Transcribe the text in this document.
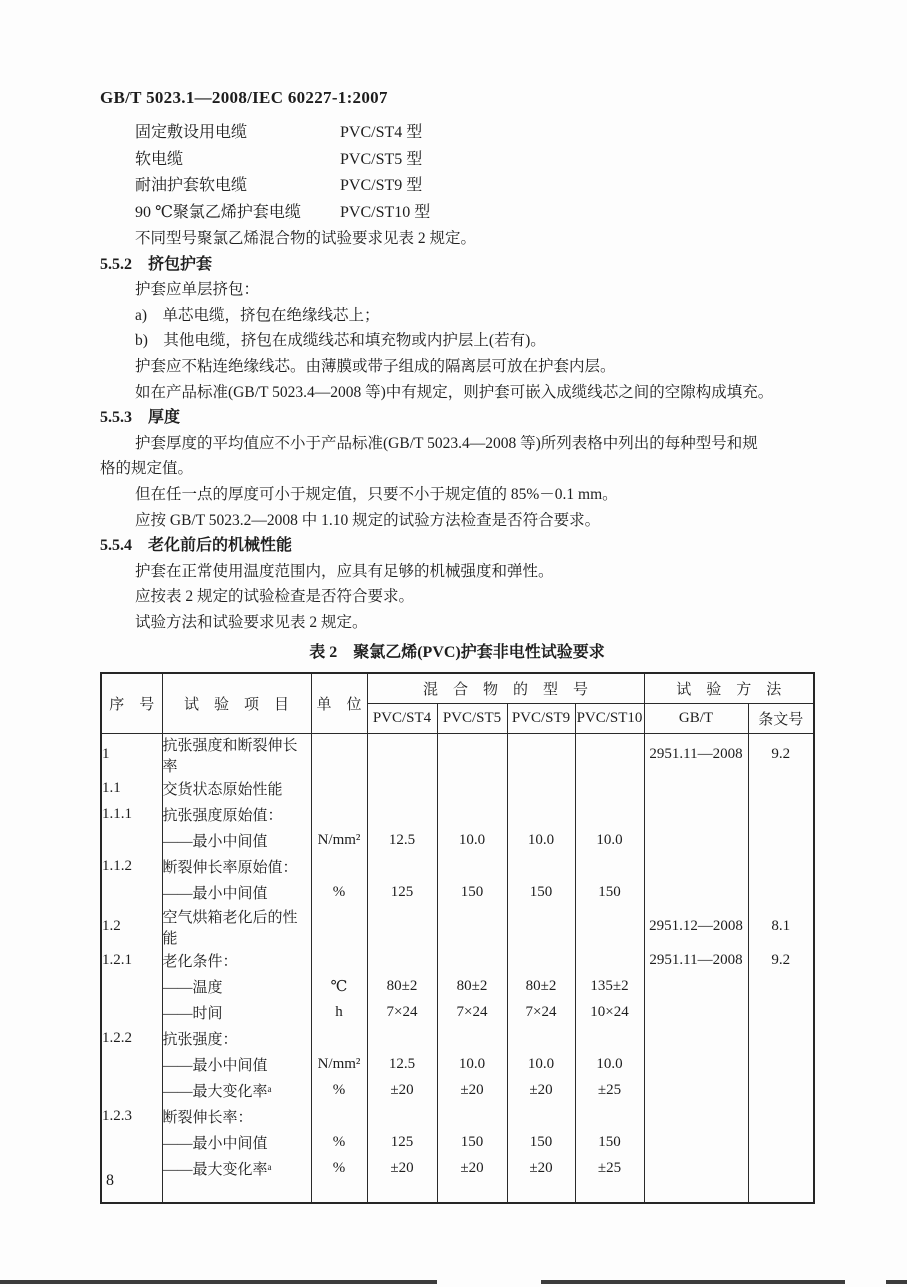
GB/T 5023.1—2008/IEC 60227-1:2007
固定敷设用电缆	PVC/ST4 型
软电缆	PVC/ST5 型
耐油护套软电缆	PVC/ST9 型
90 ℃聚氯乙烯护套电缆 PVC/ST10 型
不同型号聚氯乙烯混合物的试验要求见表 2 规定。
5.5.2 挤包护套
护套应单层挤包：
a)　单芯电缆，挤包在绝缘线芯上；
b)　其他电缆，挤包在成缆线芯和填充物或内护层上(若有)。
护套应不粘连绝缘线芯。由薄膜或带子组成的隔离层可放在护套内层。
如在产品标准(GB/T 5023.4—2008 等)中有规定，则护套可嵌入成缆线芯之间的空隙构成填充。
5.5.3 厚度
护套厚度的平均值应不小于产品标准(GB/T 5023.4—2008 等)所列表格中列出的每种型号和规
格的规定值。
但在任一点的厚度可小于规定值，只要不小于规定值的 85%－0.1 mm。
应按 GB/T 5023.2—2008 中 1.10 规定的试验方法检查是否符合要求。
5.5.4 老化前后的机械性能
护套在正常使用温度范围内，应具有足够的机械强度和弹性。
应按表 2 规定的试验检查是否符合要求。
试验方法和试验要求见表 2 规定。
表 2　聚氯乙烯(PVC)护套非电性试验要求
序　号	试　验　项　目	单　位	混　合　物　的　型　号				试　验　方　法	
			PVC/ST4	PVC/ST5	PVC/ST9	PVC/ST10	GB/T	条文号
1	抗张强度和断裂伸长率						2951.11—2008	9.2
1.1	交货状态原始性能							
1.1.1	抗张强度原始值：							
	——最小中间值	N/mm²	12.5	10.0	10.0	10.0		
1.1.2	断裂伸长率原始值：							
	——最小中间值	%	125	150	150	150		
1.2	空气烘箱老化后的性能						2951.12—2008	8.1
1.2.1	老化条件：						2951.11—2008	9.2
	——温度	℃	80±2	80±2	80±2	135±2		
	——时间	h	7×24	7×24	7×24	10×24		
1.2.2	抗张强度：							
	——最小中间值	N/mm²	12.5	10.0	10.0	10.0		
	——最大变化率ᵃ	%	±20	±20	±20	±25		
1.2.3	断裂伸长率：							
	——最小中间值	%	125	150	150	150		
	——最大变化率ᵃ	%	±20	±20	±20	±25		

8
